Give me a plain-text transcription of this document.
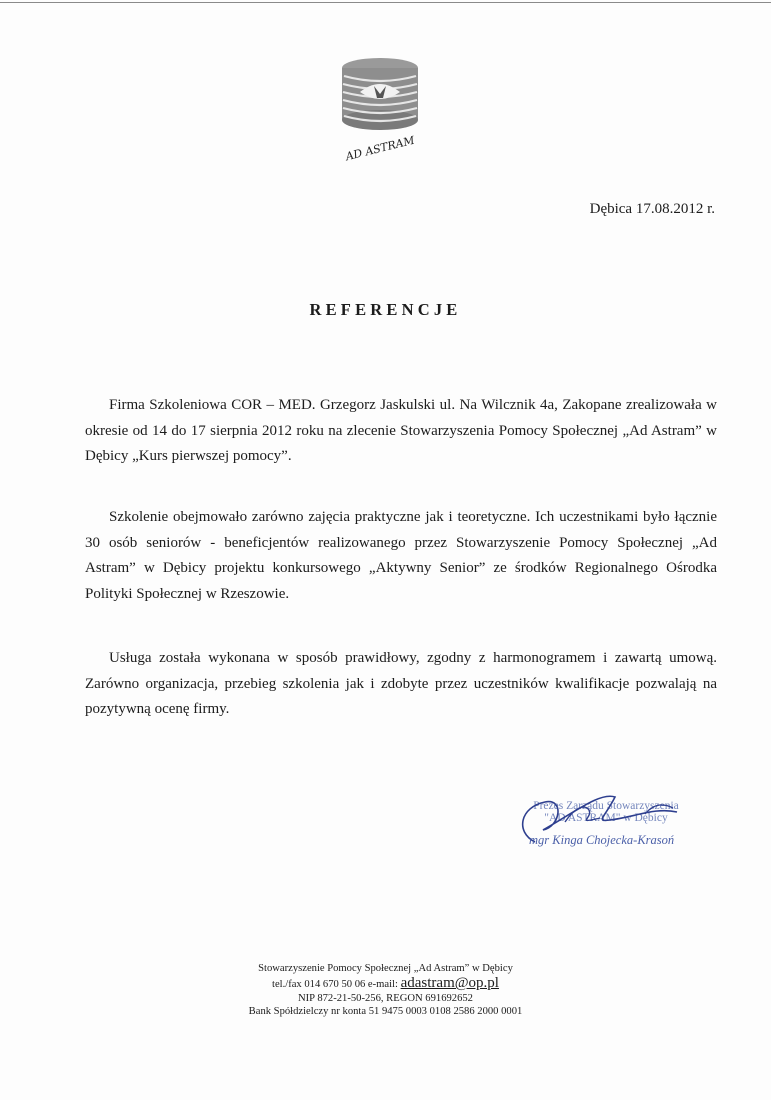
AD ASTRAM
Dębica 17.08.2012 r.
REFERENCJE

Firma Szkoleniowa COR – MED. Grzegorz Jaskulski ul. Na Wilcznik 4a, Zakopane zrealizowała w okresie od 14 do 17 sierpnia 2012 roku na zlecenie Stowarzyszenia Pomocy Społecznej „Ad Astram” w Dębicy „Kurs pierwszej pomocy”.

Szkolenie obejmowało zarówno zajęcia praktyczne jak i teoretyczne. Ich uczestnikami było łącznie 30 osób seniorów - beneficjentów realizowanego przez Stowarzyszenie Pomocy Społecznej „Ad Astram” w Dębicy projektu konkursowego „Aktywny Senior” ze środków Regionalnego Ośrodka Polityki Społecznej w Rzeszowie.

Usługa została wykonana w sposób prawidłowy, zgodny z harmonogramem i zawartą umową. Zarówno organizacja, przebieg szkolenia jak i zdobyte przez uczestników kwalifikacje pozwalają na pozytywną ocenę firmy.

Prezes Zarządu Stowarzyszenia
"AD ASTRAM" w Dębicy
mgr Kinga Chojecka-Krasoń
Stowarzyszenie Pomocy Społecznej „Ad Astram” w Dębicy
tel./fax 014 670 50 06 e-mail: adastram@op.pl
NIP 872-21-50-256, REGON 691692652
Bank Spółdzielczy nr konta 51 9475 0003 0108 2586 2000 0001
